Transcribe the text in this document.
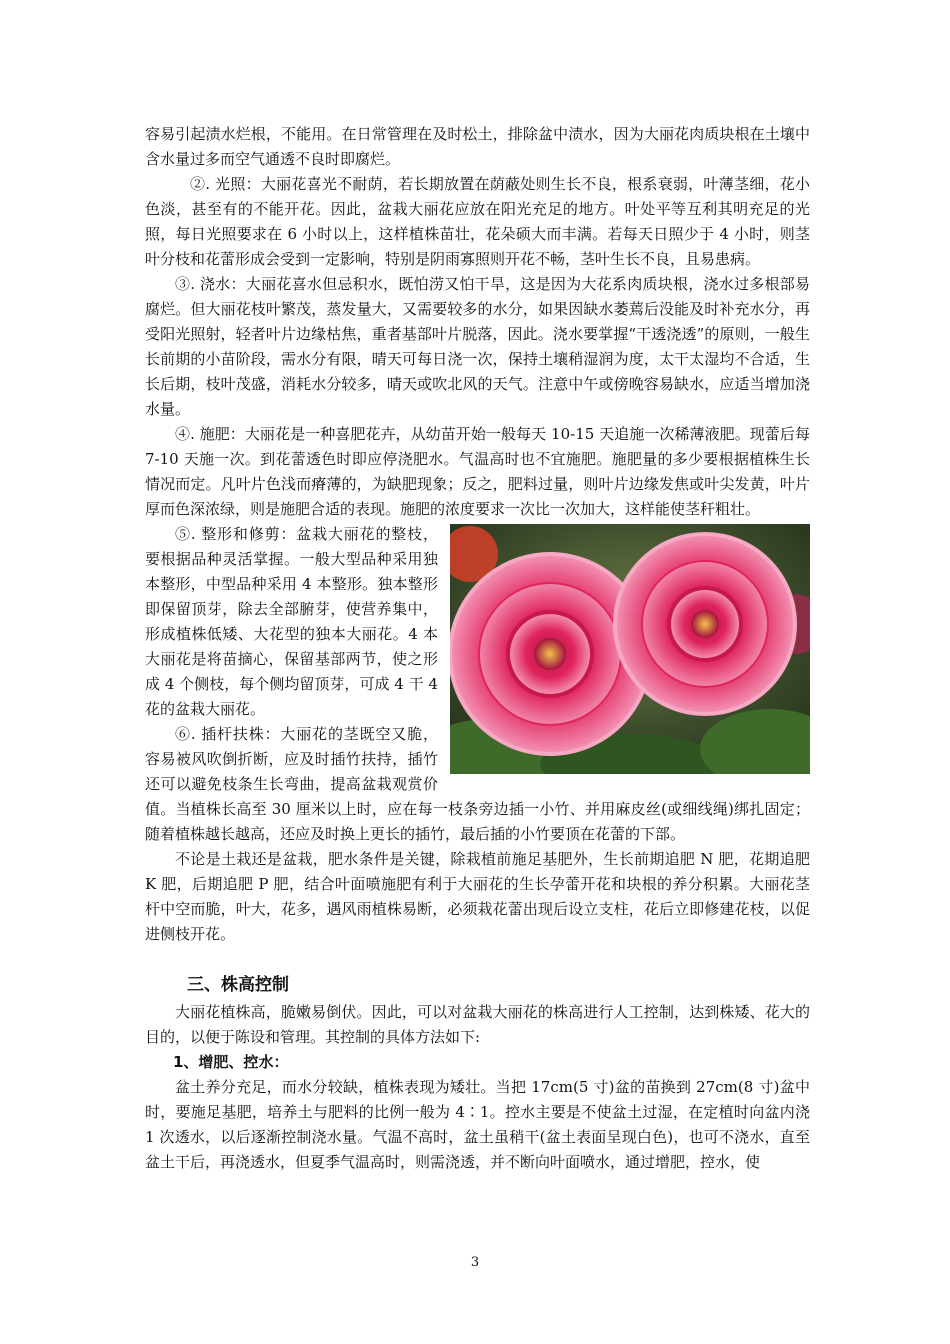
容易引起渍水烂根，不能用。在日常管理在及时松土，排除盆中渍水，因为大丽花肉质块根在土壤中含水量过多而空气通透不良时即腐烂。

②. 光照：大丽花喜光不耐荫，若长期放置在荫蔽处则生长不良，根系衰弱，叶薄茎细，花小色淡，甚至有的不能开花。因此，盆栽大丽花应放在阳光充足的地方。叶处平等互利其明充足的光照，每日光照要求在 6 小时以上，这样植株苗壮，花朵硕大而丰满。若每天日照少于 4 小时，则茎叶分枝和花蕾形成会受到一定影响，特别是阴雨寡照则开花不畅，茎叶生长不良，且易患病。

③. 浇水：大丽花喜水但忌积水，既怕涝又怕干旱，这是因为大花系肉质块根，浇水过多根部易腐烂。但大丽花枝叶繁茂，蒸发量大，又需要较多的水分，如果因缺水萎蔫后没能及时补充水分，再受阳光照射，轻者叶片边缘枯焦，重者基部叶片脱落，因此。浇水要掌握“干透浇透”的原则，一般生长前期的小苗阶段，需水分有限，晴天可每日浇一次，保持土壤稍湿润为度，太干太湿均不合适，生长后期，枝叶茂盛，消耗水分较多，晴天或吹北风的天气。注意中午或傍晚容易缺水，应适当增加浇水量。

④. 施肥：大丽花是一种喜肥花卉，从幼苗开始一般每天 10-15 天追施一次稀薄液肥。现蕾后每 7-10 天施一次。到花蕾透色时即应停浇肥水。气温高时也不宜施肥。施肥量的多少要根据植株生长情况而定。凡叶片色浅而瘠薄的，为缺肥现象；反之，肥料过量，则叶片边缘发焦或叶尖发黄，叶片厚而色深浓绿，则是施肥合适的表现。施肥的浓度要求一次比一次加大，这样能使茎秆粗壮。

⑤. 整形和修剪：盆栽大丽花的整枝，要根据品种灵活掌握。一般大型品种采用独本整形，中型品种采用 4 本整形。独本整形即保留顶芽，除去全部腑芽，使营养集中，形成植株低矮、大花型的独本大丽花。4 本大丽花是将苗摘心，保留基部两节，使之形成 4 个侧枝，每个侧均留顶芽，可成 4 干 4 花的盆栽大丽花。

⑥. 插杆扶株：大丽花的茎既空又脆，容易被风吹倒折断，应及时插竹扶持，插竹还可以避免枝条生长弯曲，提高盆栽观赏价值。当植株长高至 30 厘米以上时，应在每一枝条旁边插一小竹、并用麻皮丝(或细线绳)绑扎固定；随着植株越长越高，还应及时换上更长的插竹，最后插的小竹要顶在花蕾的下部。

不论是土栽还是盆栽，肥水条件是关键，除栽植前施足基肥外，生长前期追肥 N 肥，花期追肥 K 肥，后期追肥 P 肥，结合叶面喷施肥有利于大丽花的生长孕蕾开花和块根的养分积累。大丽花茎杆中空而脆，叶大，花多，遇风雨植株易断，必须栽花蕾出现后设立支柱，花后立即修建花枝，以促进侧枝开花。

三、株高控制

大丽花植株高，脆嫩易倒伏。因此，可以对盆栽大丽花的株高进行人工控制，达到株矮、花大的目的，以便于陈设和管理。其控制的具体方法如下:

1、增肥、控水：

盆土养分充足，而水分较缺，植株表现为矮壮。当把 17cm(5 寸)盆的苗换到 27cm(8 寸)盆中时，要施足基肥，培养土与肥料的比例一般为 4∶1。控水主要是不使盆土过湿，在定植时向盆内浇 1 次透水，以后逐渐控制浇水量。气温不高时，盆土虽稍干(盆土表面呈现白色)，也可不浇水，直至盆土干后，再浇透水，但夏季气温高时，则需浇透，并不断向叶面喷水，通过增肥，控水，使

3
